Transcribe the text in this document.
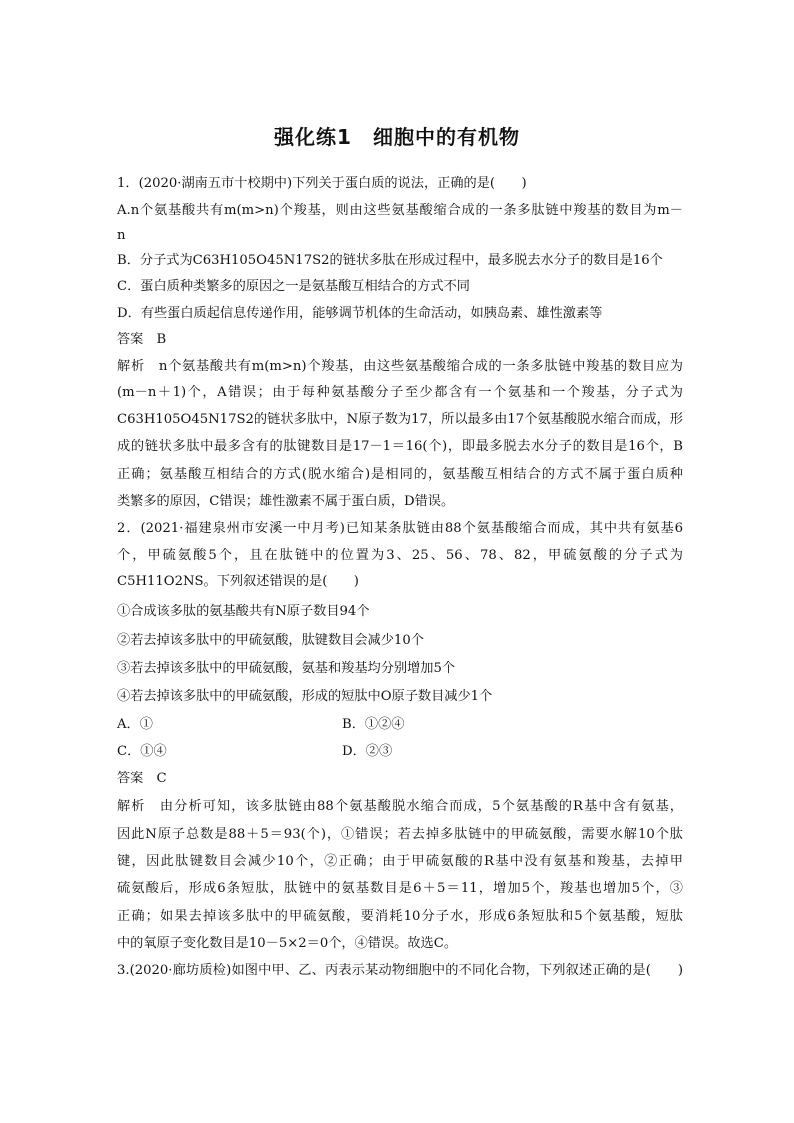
强化练1　细胞中的有机物
1．(2020·湖南五市十校期中)下列关于蛋白质的说法，正确的是(　　)
A.n个氨基酸共有m(m>n)个羧基，则由这些氨基酸缩合成的一条多肽链中羧基的数目为m－
n
B．分子式为C63H105O45N17S2的链状多肽在形成过程中，最多脱去水分子的数目是16个
C．蛋白质种类繁多的原因之一是氨基酸互相结合的方式不同
D．有些蛋白质起信息传递作用，能够调节机体的生命活动，如胰岛素、雄性激素等
答案　B
解析　n个氨基酸共有m(m>n)个羧基，由这些氨基酸缩合成的一条多肽链中羧基的数目应为
(m－n＋1)个，A错误；由于每种氨基酸分子至少都含有一个氨基和一个羧基，分子式为
C63H105O45N17S2的链状多肽中，N原子数为17，所以最多由17个氨基酸脱水缩合而成，形
成的链状多肽中最多含有的肽键数目是17－1＝16(个)，即最多脱去水分子的数目是16个，B
正确；氨基酸互相结合的方式(脱水缩合)是相同的，氨基酸互相结合的方式不属于蛋白质种
类繁多的原因，C错误；雄性激素不属于蛋白质，D错误。
2．(2021·福建泉州市安溪一中月考)已知某条肽链由88个氨基酸缩合而成，其中共有氨基6
个，甲硫氨酸5个，且在肽链中的位置为3、25、56、78、82，甲硫氨酸的分子式为
C5H11O2NS。下列叙述错误的是(　　)
①合成该多肽的氨基酸共有N原子数目94个
②若去掉该多肽中的甲硫氨酸，肽键数目会减少10个
③若去掉该多肽中的甲硫氨酸，氨基和羧基均分别增加5个
④若去掉该多肽中的甲硫氨酸，形成的短肽中O原子数目减少1个
A．①	B．①②④
C．①④	D．②③
答案　C
解析　由分析可知，该多肽链由88个氨基酸脱水缩合而成，5个氨基酸的R基中含有氨基，
因此N原子总数是88＋5＝93(个)，①错误；若去掉多肽链中的甲硫氨酸，需要水解10个肽
键，因此肽键数目会减少10个，②正确；由于甲硫氨酸的R基中没有氨基和羧基，去掉甲
硫氨酸后，形成6条短肽，肽链中的氨基数目是6＋5＝11，增加5个，羧基也增加5个，③
正确；如果去掉该多肽中的甲硫氨酸，要消耗10分子水，形成6条短肽和5个氨基酸，短肽
中的氧原子变化数目是10－5×2＝0个，④错误。故选C。
3.(2020·廊坊质检)如图中甲、乙、丙表示某动物细胞中的不同化合物，下列叙述正确的是(　　)
